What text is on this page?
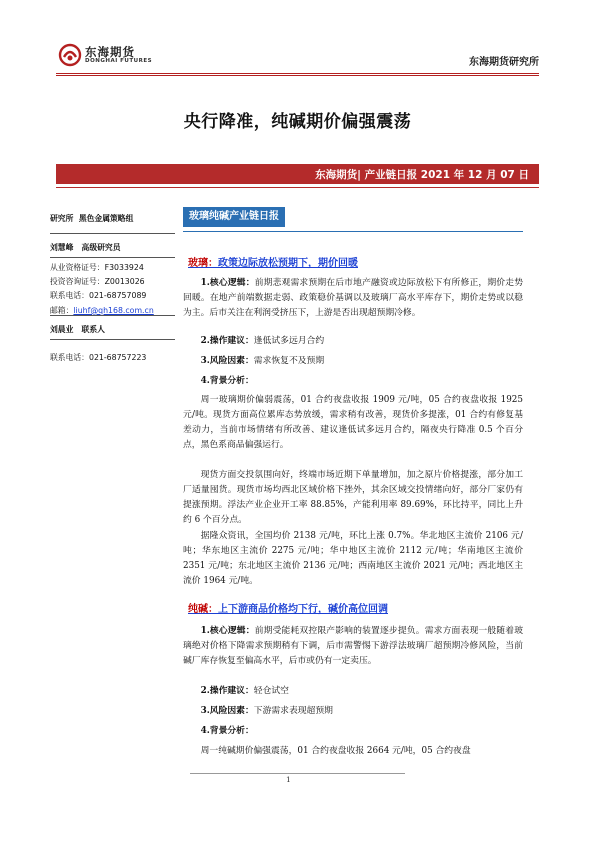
东海期货
DONGHAI FUTURES	东海期货研究所
央行降准，纯碱期价偏强震荡
东海期货| 产业链日报 2021 年 12 月 07 日
研究所 黑色金属策略组
刘慧峰 高级研究员
从业资格证号：F3033924
投资咨询证号：Z0013026
联系电话：021-68757089
邮箱：liuhf@qh168.com.cn
刘晨业 联系人
联系电话：021-68757223
玻璃纯碱产业链日报
玻璃：政策边际放松预期下，期价回暖

1.核心逻辑：前期悲观需求预期在后市地产融资或边际放松下有所修正，期价走势回暖。在地产前端数据走弱、政策稳价基调以及玻璃厂高水平库存下，期价走势或以稳为主。后市关注在利润受挤压下，上游是否出现超预期冷修。

2.操作建议：逢低试多远月合约

3.风险因素：需求恢复不及预期

4.背景分析：

周一玻璃期价偏弱震荡，01 合约夜盘收报 1909 元/吨，05 合约夜盘收报 1925 元/吨。现货方面高位累库态势放缓，需求稍有改善，现货价多提涨，01 合约有修复基差动力，当前市场情绪有所改善、建议逢低试多远月合约，隔夜央行降准 0.5 个百分点，黑色系商品偏强运行。

现货方面交投氛围向好，终端市场近期下单量增加，加之原片价格提涨，部分加工厂适量囤货。现货市场均西北区域价格下挫外，其余区域交投情绪向好，部分厂家仍有提涨预期。浮法产业企业开工率 88.85%，产能利用率 89.69%，环比持平，同比上升约 6 个百分点。

据隆众资讯，全国均价 2138 元/吨，环比上涨 0.7%。华北地区主流价 2106 元/吨；华东地区主流价 2275 元/吨；华中地区主流价 2112 元/吨；华南地区主流价 2351 元/吨；东北地区主流价 2136 元/吨；西南地区主流价 2021 元/吨；西北地区主流价 1964 元/吨。

纯碱：上下游商品价格均下行，碱价高位回调

1.核心逻辑：前期受能耗双控限产影响的装置逐步提负。需求方面表现一般随着玻璃绝对价格下降需求预期稍有下调，后市需警惕下游浮法玻璃厂超预期冷修风险，当前碱厂库存恢复至偏高水平，后市或仍有一定卖压。

2.操作建议：轻仓试空

3.风险因素：下游需求表现超预期

4.背景分析：

周一纯碱期价偏强震荡，01 合约夜盘收报 2664 元/吨，05 合约夜盘

1
